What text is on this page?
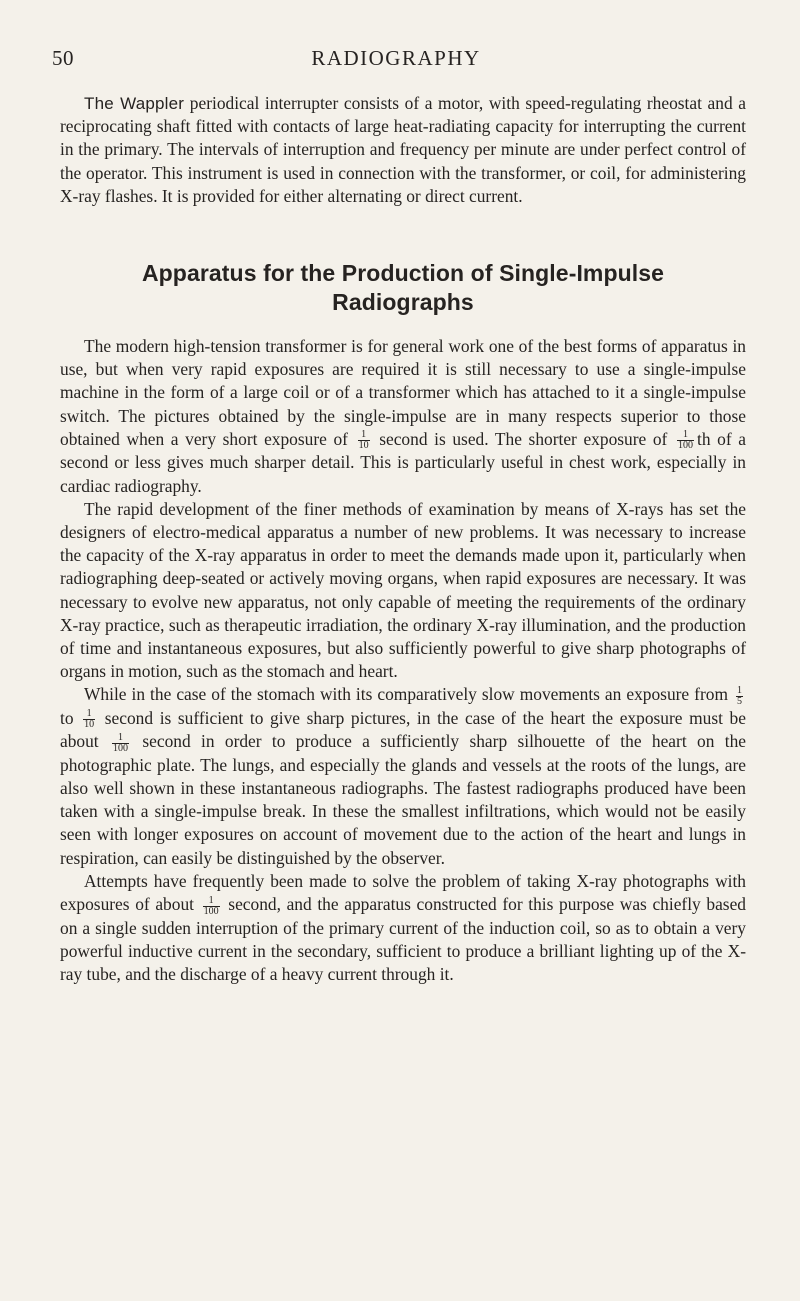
50	RADIOGRAPHY

The Wappler periodical interrupter consists of a motor, with speed-regulating rheostat and a reciprocating shaft fitted with contacts of large heat-radiating capacity for interrupting the current in the primary. The intervals of interruption and frequency per minute are under perfect control of the operator. This instrument is used in connection with the transformer, or coil, for administering X-ray flashes. It is provided for either alternating or direct current.

Apparatus for the Production of Single-Impulse
Radiographs

The modern high-tension transformer is for general work one of the best forms of apparatus in use, but when very rapid exposures are required it is still necessary to use a single-impulse machine in the form of a large coil or of a transformer which has attached to it a single-impulse switch. The pictures obtained by the single-impulse are in many respects superior to those obtained when a very short exposure of $\frac{1}{10}$ second is used. The shorter exposure of $\frac{1}{100}$ th of a second or less gives much sharper detail. This is particularly useful in chest work, especially in cardiac radiography.

The rapid development of the finer methods of examination by means of X-rays has set the designers of electro-medical apparatus a number of new problems. It was necessary to increase the capacity of the X-ray apparatus in order to meet the demands made upon it, particularly when radiographing deep-seated or actively moving organs, when rapid exposures are necessary. It was necessary to evolve new apparatus, not only capable of meeting the requirements of the ordinary X-ray practice, such as therapeutic irradiation, the ordinary X-ray illumination, and the production of time and instantaneous exposures, but also sufficiently powerful to give sharp photographs of organs in motion, such as the stomach and heart.

While in the case of the stomach with its comparatively slow movements an exposure from $\frac{1}{5}$
to $\frac{1}{10}$ second is sufficient to give sharp pictures, in the case of the heart the exposure must be about $\frac{1}{100}$ second in order to produce a sufficiently sharp silhouette of the heart on the photographic plate. The lungs, and especially the glands and vessels at the roots of the lungs, are also well shown in these instantaneous radiographs. The fastest radiographs produced have been taken with a single-impulse break. In these the smallest infiltrations, which would not be easily seen with longer exposures on account of movement due to the action of the heart and lungs in respiration, can easily be distinguished by the observer.

Attempts have frequently been made to solve the problem of taking X-ray photographs with exposures of about $\frac{1}{100}$ second, and the apparatus constructed for this purpose was chiefly based on a single sudden interruption of the primary current of the induction coil, so as to obtain a very powerful inductive current in the secondary, sufficient to produce a brilliant lighting up of the X-ray tube, and the discharge of a heavy current through it.
